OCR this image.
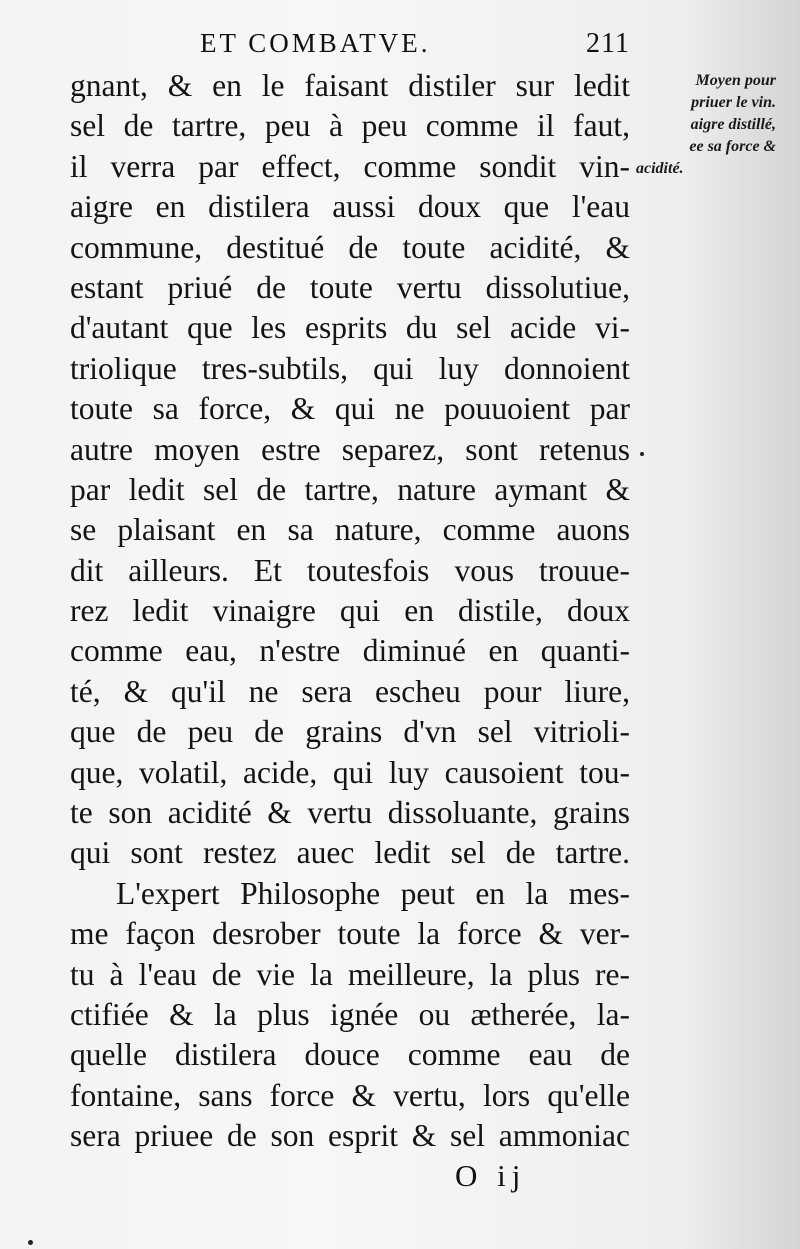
ET COMBATVE.	211
Moyen pour
priuer le vin.
aigre distillé,
ee sa force &
acidité.
gnant, & en le faisant distiler sur ledit
sel de tartre, peu à peu comme il faut,
il verra par effect, comme sondit vin-
aigre en distilera aussi doux que l'eau
commune, destitué de toute acidité, &
estant priué de toute vertu dissolutiue,
d'autant que les esprits du sel acide vi-
triolique tres-subtils, qui luy donnoient
toute sa force, & qui ne pouuoient par
autre moyen estre separez, sont retenus
par ledit sel de tartre, nature aymant &
se plaisant en sa nature, comme auons
dit ailleurs. Et toutesfois vous trouue-
rez ledit vinaigre qui en distile, doux
comme eau, n'estre diminué en quanti-
té, & qu'il ne sera escheu pour liure,
que de peu de grains d'vn sel vitrioli-
que, volatil, acide, qui luy causoient tou-
te son acidité & vertu dissoluante, grains
qui sont restez auec ledit sel de tartre.
L'expert Philosophe peut en la mes-
me façon desrober toute la force & ver-
tu à l'eau de vie la meilleure, la plus re-
ctifiée & la plus ignée ou ætherée, la-
quelle distilera douce comme eau de
fontaine, sans force & vertu, lors qu'elle
sera priuee de son esprit & sel ammoniac
O ij
